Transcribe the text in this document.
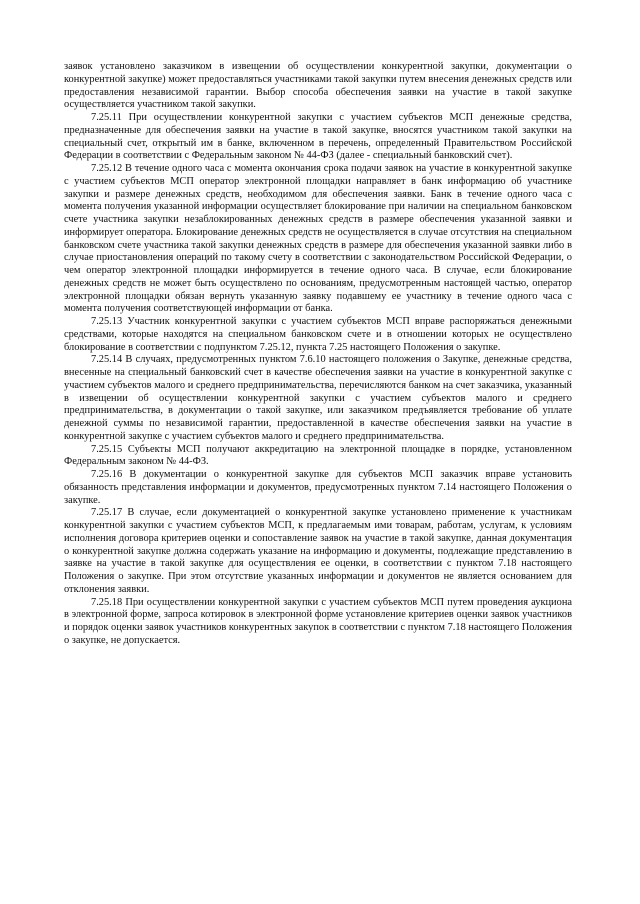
заявок установлено заказчиком в извещении об осуществлении конкурентной закупки, документации о конкурентной закупке) может предоставляться участниками такой закупки путем внесения денежных средств или предоставления независимой гарантии. Выбор способа обеспечения заявки на участие в такой закупке осуществляется участником такой закупки.

7.25.11 При осуществлении конкурентной закупки с участием субъектов МСП денежные средства, предназначенные для обеспечения заявки на участие в такой закупке, вносятся участником такой закупки на специальный счет, открытый им в банке, включенном в перечень, определенный Правительством Российской Федерации в соответствии с Федеральным законом № 44-ФЗ (далее - специальный банковский счет).

7.25.12 В течение одного часа с момента окончания срока подачи заявок на участие в конкурентной закупке с участием субъектов МСП оператор электронной площадки направляет в банк информацию об участнике закупки и размере денежных средств, необходимом для обеспечения заявки. Банк в течение одного часа с момента получения указанной информации осуществляет блокирование при наличии на специальном банковском счете участника закупки незаблокированных денежных средств в размере обеспечения указанной заявки и информирует оператора. Блокирование денежных средств не осуществляется в случае отсутствия на специальном банковском счете участника такой закупки денежных средств в размере для обеспечения указанной заявки либо в случае приостановления операций по такому счету в соответствии с законодательством Российской Федерации, о чем оператор электронной площадки информируется в течение одного часа. В случае, если блокирование денежных средств не может быть осуществлено по основаниям, предусмотренным настоящей частью, оператор электронной площадки обязан вернуть указанную заявку подавшему ее участнику в течение одного часа с момента получения соответствующей информации от банка.

7.25.13 Участник конкурентной закупки с участием субъектов МСП вправе распоряжаться денежными средствами, которые находятся на специальном банковском счете и в отношении которых не осуществлено блокирование в соответствии с подпунктом 7.25.12, пункта 7.25 настоящего Положения о закупке.

7.25.14 В случаях, предусмотренных пунктом 7.6.10 настоящего положения о Закупке, денежные средства, внесенные на специальный банковский счет в качестве обеспечения заявки на участие в конкурентной закупке с участием субъектов малого и среднего предпринимательства, перечисляются банком на счет заказчика, указанный в извещении об осуществлении конкурентной закупки с участием субъектов малого и среднего предпринимательства, в документации о такой закупке, или заказчиком предъявляется требование об уплате денежной суммы по независимой гарантии, предоставленной в качестве обеспечения заявки на участие в конкурентной закупке с участием субъектов малого и среднего предпринимательства.

7.25.15 Субъекты МСП получают аккредитацию на электронной площадке в порядке, установленном Федеральным законом № 44-ФЗ.

7.25.16 В документации о конкурентной закупке для субъектов МСП заказчик вправе установить обязанность представления информации и документов, предусмотренных пунктом 7.14 настоящего Положения о закупке.

7.25.17 В случае, если документацией о конкурентной закупке установлено применение к участникам конкурентной закупки с участием субъектов МСП, к предлагаемым ими товарам, работам, услугам, к условиям исполнения договора критериев оценки и сопоставление заявок на участие в такой закупке, данная документация о конкурентной закупке должна содержать указание на информацию и документы, подлежащие представлению в заявке на участие в такой закупке для осуществления ее оценки, в соответствии с пунктом 7.18 настоящего Положения о закупке. При этом отсутствие указанных информации и документов не является основанием для отклонения заявки.

7.25.18 При осуществлении конкурентной закупки с участием субъектов МСП путем проведения аукциона в электронной форме, запроса котировок в электронной форме установление критериев оценки заявок участников и порядок оценки заявок участников конкурентных закупок в соответствии с пунктом 7.18 настоящего Положения о закупке, не допускается.
